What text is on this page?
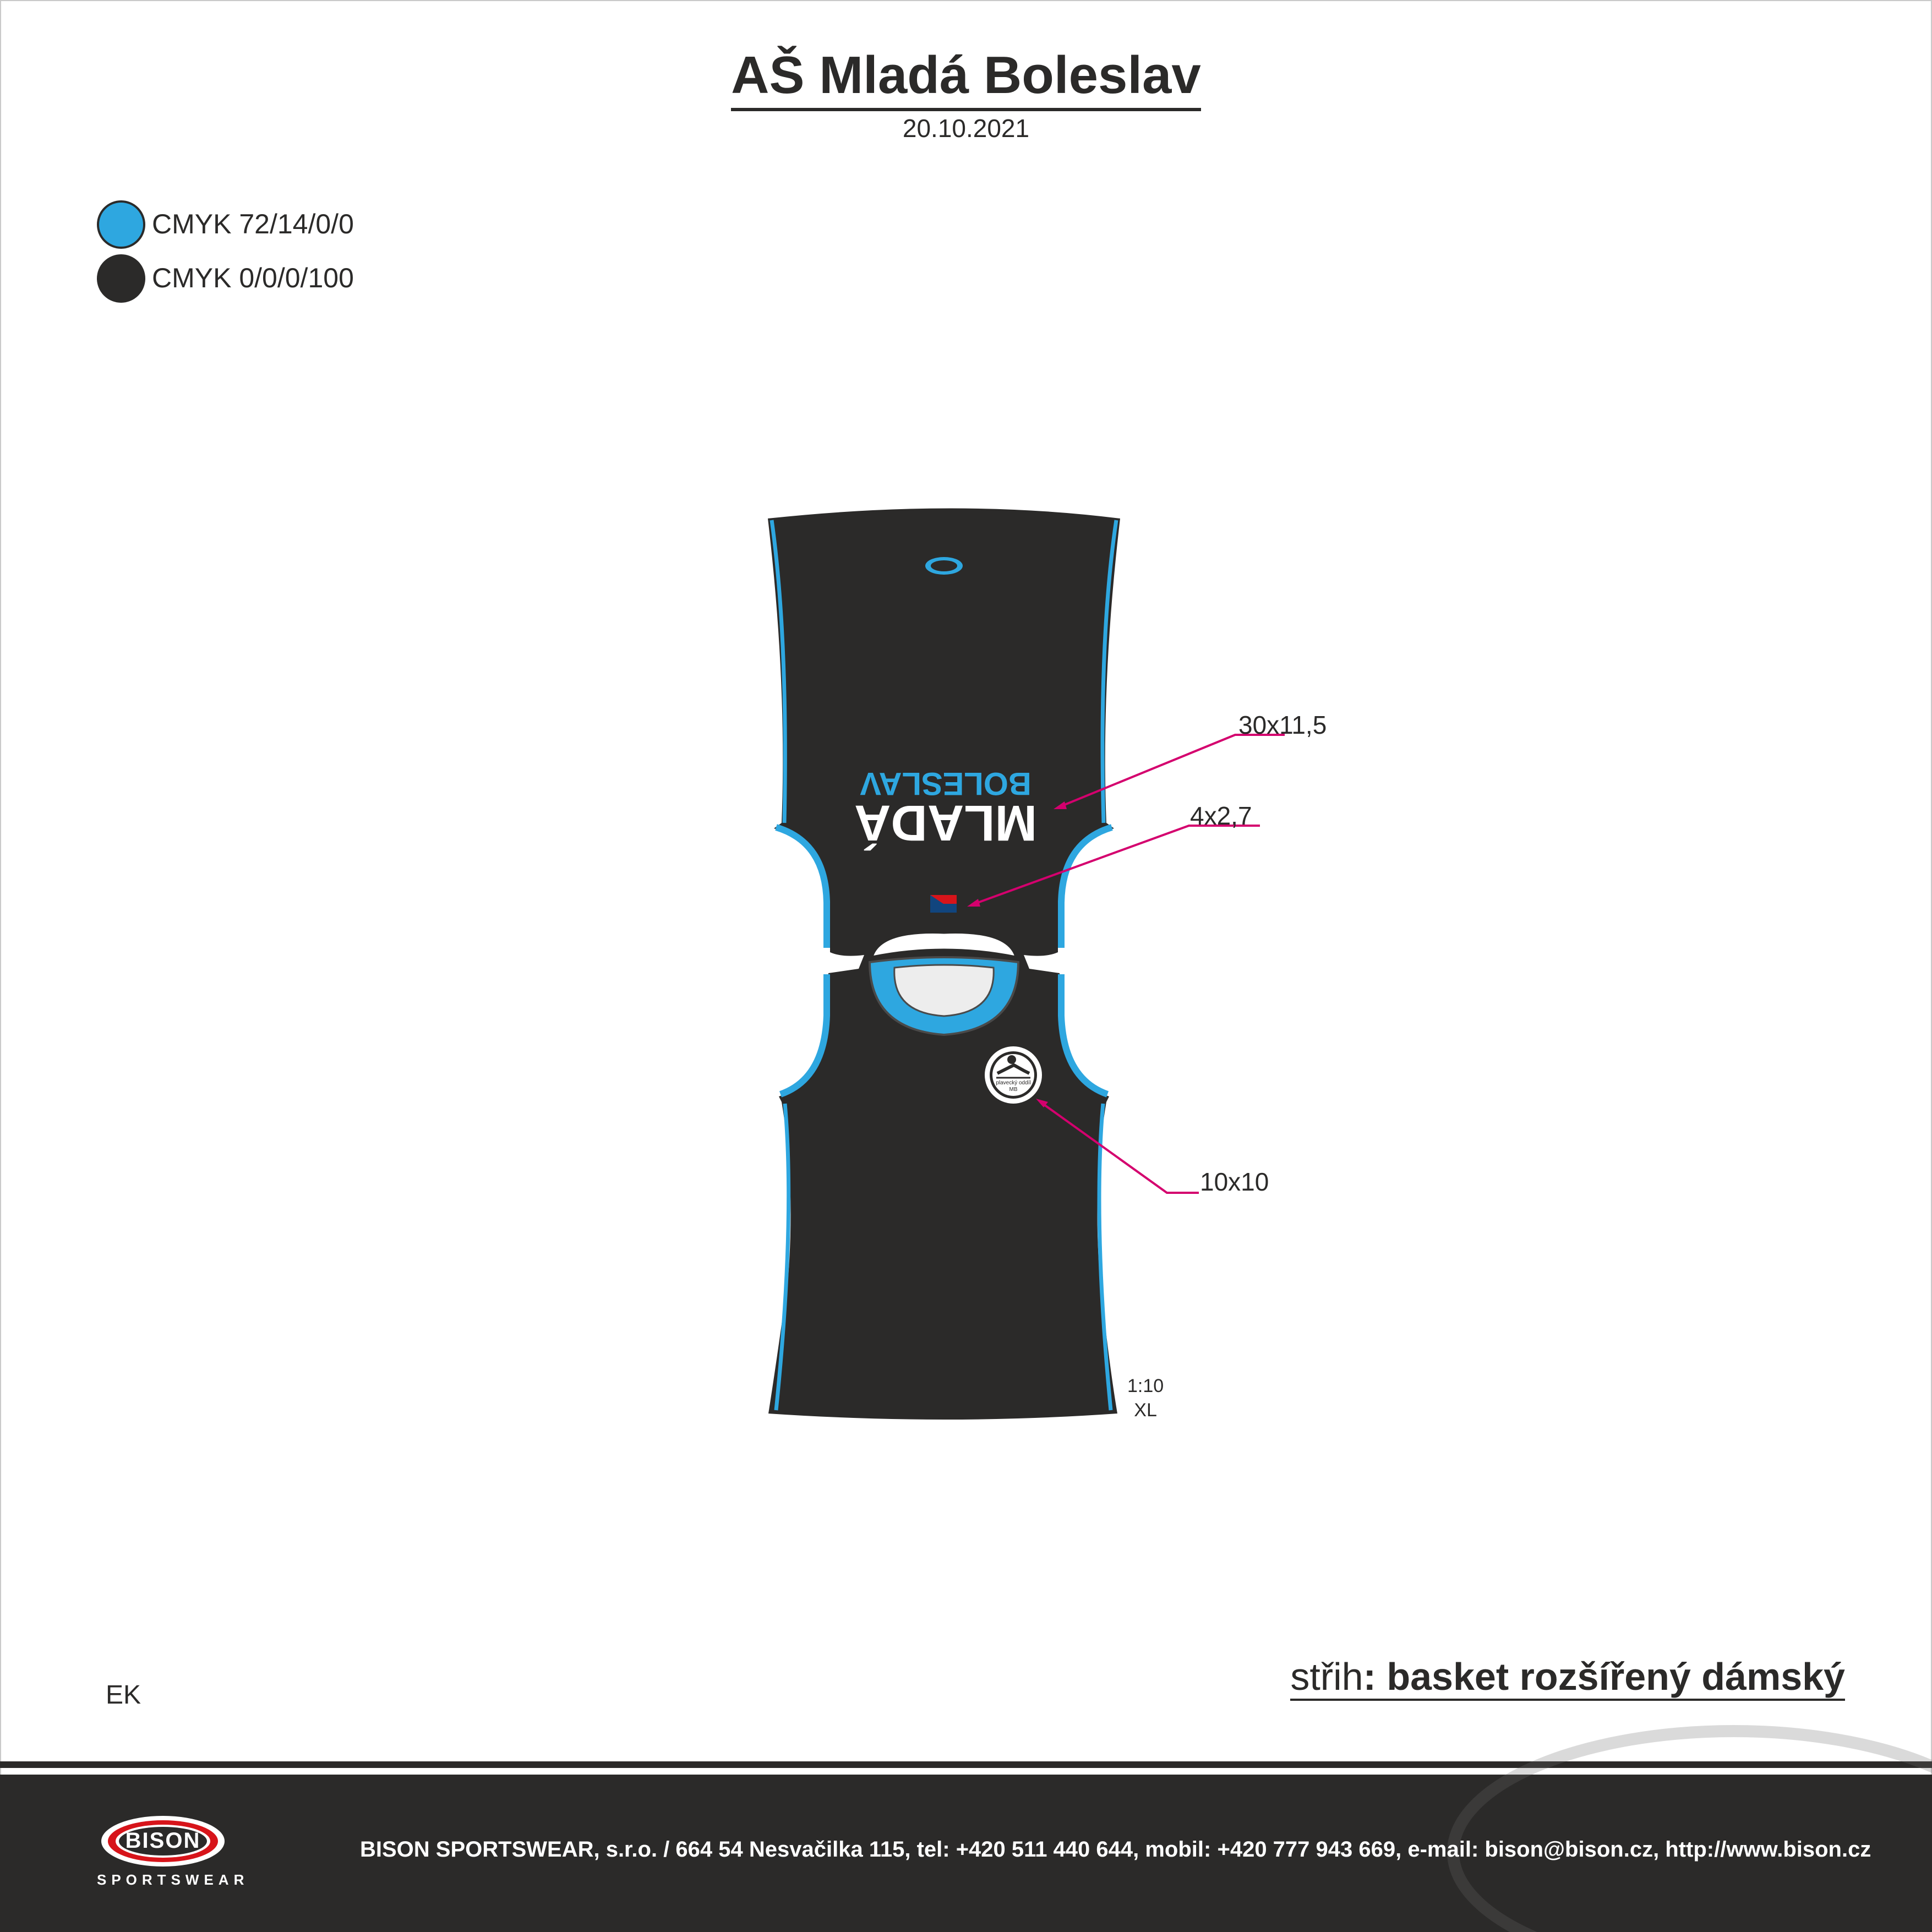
AŠ Mladá Boleslav
20.10.2021
CMYK 72/14/0/0
CMYK 0/0/0/100
MLADÁ
BOLESLAV
plavecký oddíl
MB
30x11,5
4x2,7
10x10
1:10
XL
EK	střih: basket rozšířený dámský
BISON
SPORTSWEAR
BISON SPORTSWEAR, s.r.o. / 664 54 Nesvačilka 115, tel: +420 511 440 644, mobil: +420 777 943 669, e-mail: bison@bison.cz, http://www.bison.cz
